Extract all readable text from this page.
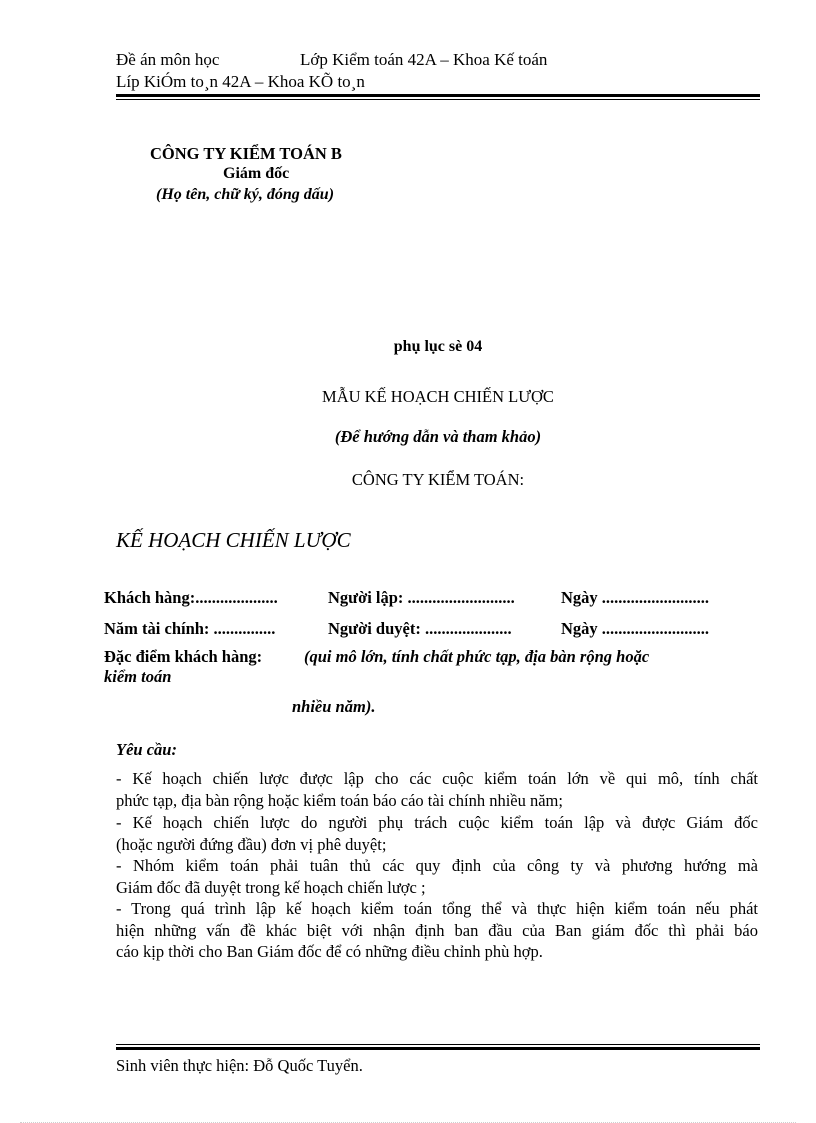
Đề án môn học	Lớp Kiểm toán 42A – Khoa Kế toán
Líp KiÓm to¸n 42A – Khoa KÕ to¸n
CÔNG TY KIỂM TOÁN B
Giám đốc
(Họ tên, chữ ký, đóng dấu)
phụ lục sè 04
MẪU KẾ HOẠCH CHIẾN LƯỢC
(Để hướng dẫn và tham khảo)
CÔNG TY KIỂM TOÁN:
KẾ HOẠCH CHIẾN LƯỢC
Khách hàng:....................	Người lập: ..........................	Ngày ..........................
Năm tài chính: ...............	Người duyệt: .....................	Ngày ..........................
Đặc điểm khách hàng:	(qui mô lớn, tính chất phức tạp, địa bàn rộng hoặc
kiểm toán
nhiều năm).
Yêu cầu:
- Kế hoạch chiến lược được lập cho các cuộc kiểm toán lớn về qui mô, tính chất
phức tạp, địa bàn rộng hoặc kiểm toán báo cáo tài chính nhiều năm;
- Kế hoạch chiến lược do người phụ trách cuộc kiểm toán lập và được Giám đốc
(hoặc người đứng đầu) đơn vị phê duyệt;
- Nhóm kiểm toán phải tuân thủ các quy định của công ty và phương hướng mà
Giám đốc đã duyệt trong kế hoạch chiến lược ;
- Trong quá trình lập kế hoạch kiểm toán tổng thể và thực hiện kiểm toán nếu phát
hiện những vấn đề khác biệt với nhận định ban đầu của Ban giám đốc thì phải báo
cáo kịp thời cho Ban Giám đốc để có những điều chỉnh phù hợp.
Sinh viên thực hiện: Đỗ Quốc Tuyển.
